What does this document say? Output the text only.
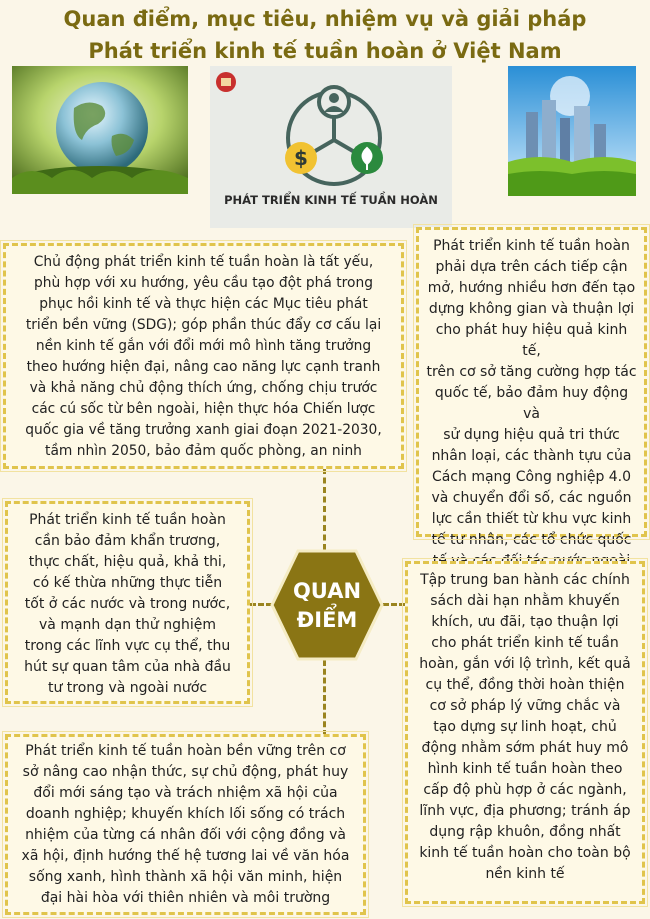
Quan điểm, mục tiêu, nhiệm vụ và giải pháp
Phát triển kinh tế tuần hoàn ở Việt Nam
$
PHÁT TRIỂN KINH TẾ TUẦN HOÀN
QUAN
ĐIỂM
Chủ động phát triển kinh tế tuần hoàn là tất yếu,
phù hợp với xu hướng, yêu cầu tạo đột phá trong
phục hồi kinh tế và thực hiện các Mục tiêu phát
triển bền vững (SDG); góp phần thúc đẩy cơ cấu lại
nền kinh tế gắn với đổi mới mô hình tăng trưởng
theo hướng hiện đại, nâng cao năng lực cạnh tranh
và khả năng chủ động thích ứng, chống chịu trước
các cú sốc từ bên ngoài, hiện thực hóa Chiến lược
quốc gia về tăng trưởng xanh giai đoạn 2021-2030,
tầm nhìn 2050, bảo đảm quốc phòng, an ninh
Phát triển kinh tế tuần hoàn
phải dựa trên cách tiếp cận
mở, hướng nhiều hơn đến tạo
dựng không gian và thuận lợi
cho phát huy hiệu quả kinh tế,
trên cơ sở tăng cường hợp tác
quốc tế, bảo đảm huy động và
sử dụng hiệu quả tri thức
nhân loại, các thành tựu của
Cách mạng Công nghiệp 4.0
và chuyển đổi số, các nguồn
lực cần thiết từ khu vực kinh
tế tư nhân, các tổ chức quốc
Phát triển kinh tế tuần hoàn
cần bảo đảm khẩn trương,
thực chất, hiệu quả, khả thi,
có kế thừa những thực tiễn
tốt ở các nước và trong nước,
và mạnh dạn thử nghiệm
trong các lĩnh vực cụ thể, thu
hút sự quan tâm của nhà đầu
tư trong và ngoài nước
Tập trung ban hành các chính
sách dài hạn nhằm khuyến
khích, ưu đãi, tạo thuận lợi
cho phát triển kinh tế tuần
hoàn, gắn với lộ trình, kết quả
cụ thể, đồng thời hoàn thiện
cơ sở pháp lý vững chắc và
tạo dựng sự linh hoạt, chủ
động nhằm sớm phát huy mô
hình kinh tế tuần hoàn theo
cấp độ phù hợp ở các ngành,
lĩnh vực, địa phương; tránh áp
dụng rập khuôn, đồng nhất
kinh tế tuần hoàn cho toàn bộ
nền kinh tế
Phát triển kinh tế tuần hoàn bền vững trên cơ
sở nâng cao nhận thức, sự chủ động, phát huy
đổi mới sáng tạo và trách nhiệm xã hội của
doanh nghiệp; khuyến khích lối sống có trách
nhiệm của từng cá nhân đối với cộng đồng và
xã hội, định hướng thế hệ tương lai về văn hóa
sống xanh, hình thành xã hội văn minh, hiện
đại hài hòa với thiên nhiên và môi trường
